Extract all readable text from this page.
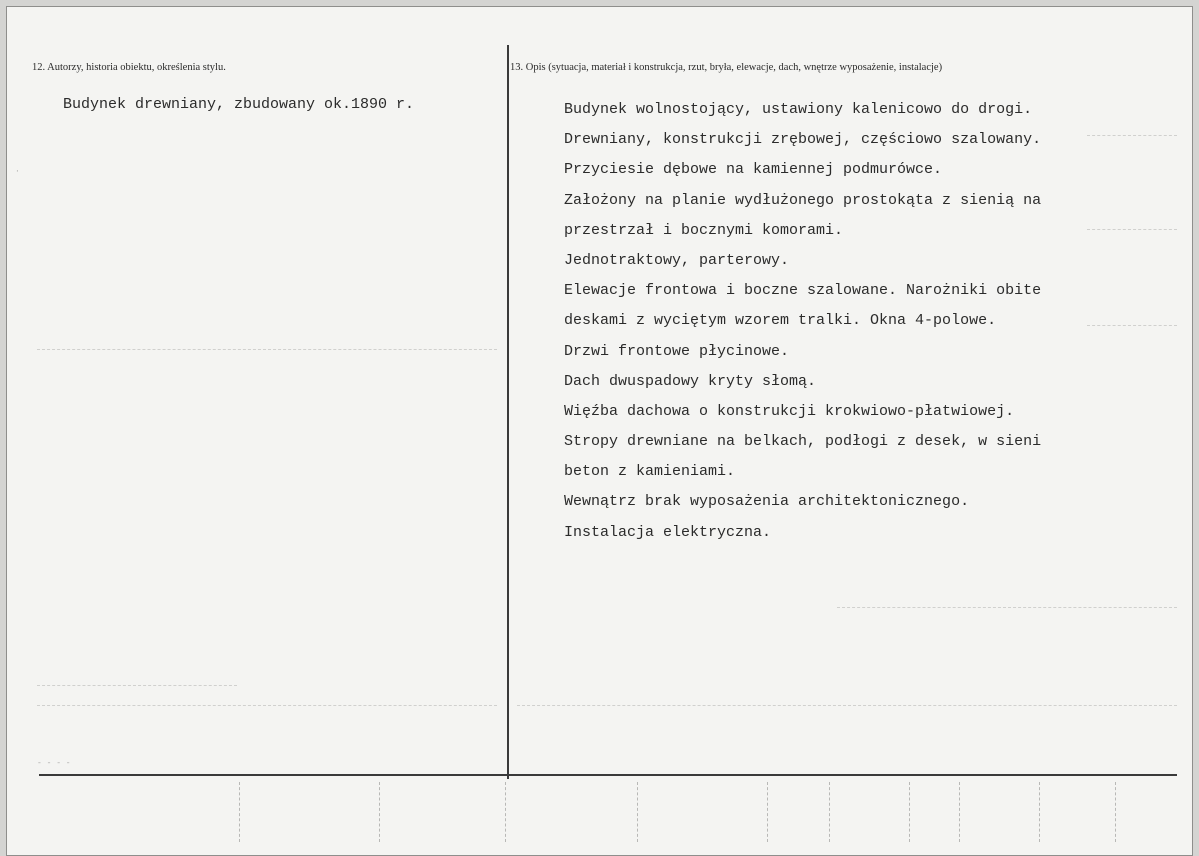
·
- - - -
12. Autorzy, historia obiektu, określenia stylu.
Budynek drewniany, zbudowany ok.1890 r.
13. Opis (sytuacja, materiał i konstrukcja, rzut, bryła, elewacje, dach, wnętrze wyposażenie, instalacje)
Budynek wolnostojący, ustawiony kalenicowo do drogi.
Drewniany, konstrukcji zrębowej, częściowo szalowany.
Przyciesie dębowe na kamiennej podmurówce.
Założony na planie wydłużonego prostokąta z sienią na
przestrzał i bocznymi komorami.
Jednotraktowy, parterowy.
Elewacje frontowa i boczne szalowane. Narożniki obite
deskami z wyciętym wzorem tralki. Okna 4-polowe.
Drzwi frontowe płycinowe.
Dach dwuspadowy kryty słomą.
Więźba dachowa o konstrukcji krokwiowo-płatwiowej.
Stropy drewniane na belkach, podłogi z desek, w sieni
beton z kamieniami.
Wewnątrz brak wyposażenia architektonicznego.
Instalacja elektryczna.
